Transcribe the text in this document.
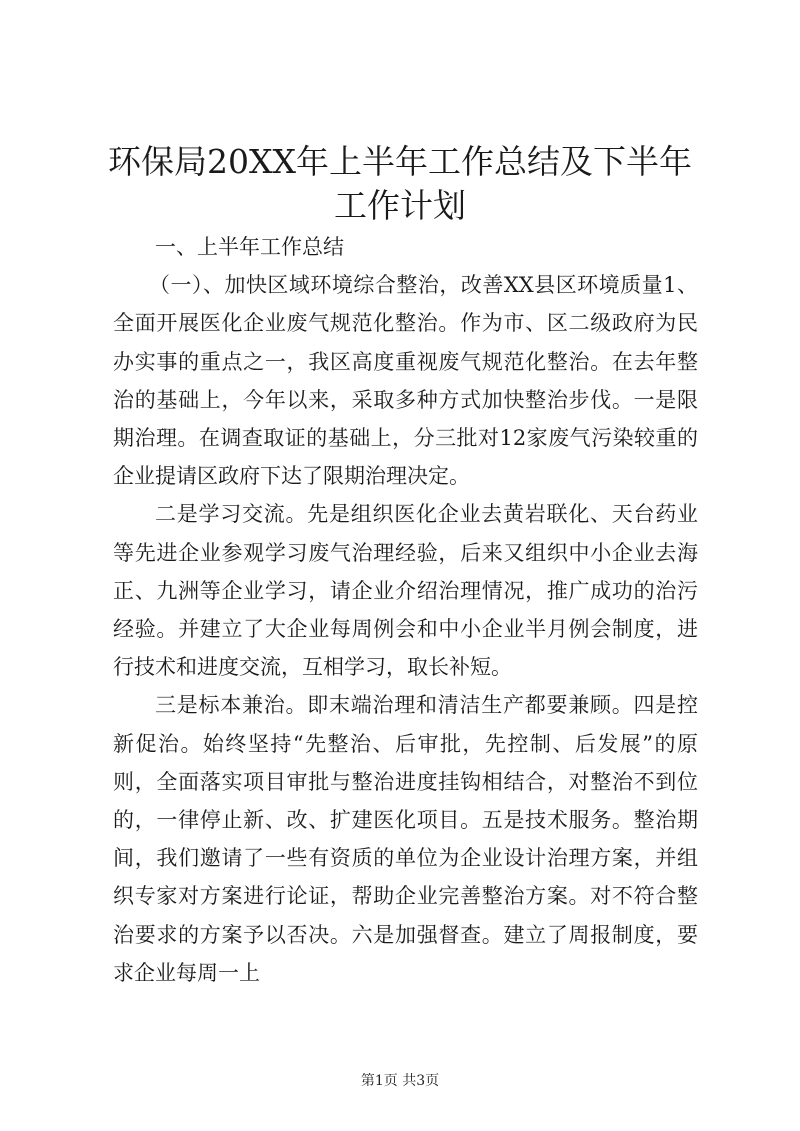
环保局20XX年上半年工作总结及下半年工作计划

一、上半年工作总结

（一）、加快区域环境综合整治，改善XX县区环境质量1、全面开展医化企业废气规范化整治。作为市、区二级政府为民办实事的重点之一，我区高度重视废气规范化整治。在去年整治的基础上，今年以来，采取多种方式加快整治步伐。一是限期治理。在调查取证的基础上，分三批对12家废气污染较重的企业提请区政府下达了限期治理决定。

二是学习交流。先是组织医化企业去黄岩联化、天台药业等先进企业参观学习废气治理经验，后来又组织中小企业去海正、九洲等企业学习，请企业介绍治理情况，推广成功的治污经验。并建立了大企业每周例会和中小企业半月例会制度，进行技术和进度交流，互相学习，取长补短。

三是标本兼治。即末端治理和清洁生产都要兼顾。四是控新促治。始终坚持“先整治、后审批，先控制、后发展”的原则，全面落实项目审批与整治进度挂钩相结合，对整治不到位的，一律停止新、改、扩建医化项目。五是技术服务。整治期间，我们邀请了一些有资质的单位为企业设计治理方案，并组织专家对方案进行论证，帮助企业完善整治方案。对不符合整治要求的方案予以否决。六是加强督查。建立了周报制度，要求企业每周一上

第1页 共3页
